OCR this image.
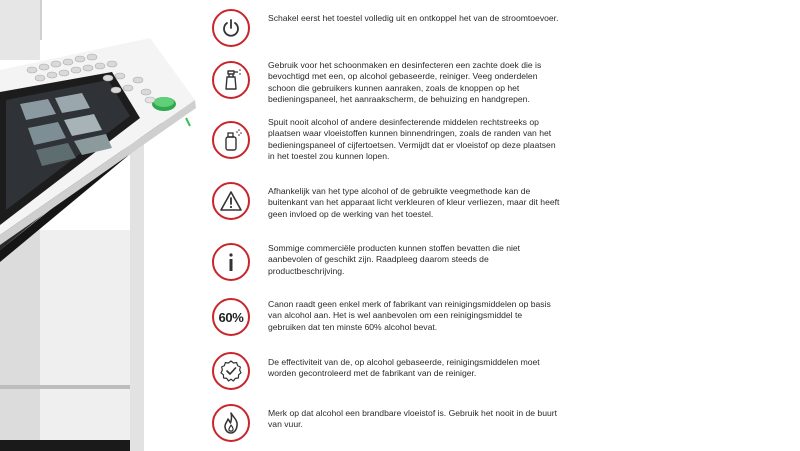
Schakel eerst het toestel volledig uit en ontkoppel het van de stroomtoevoer.
Gebruik voor het schoonmaken en desinfecteren een zachte doek die is bevochtigd met een, op alcohol gebaseerde, reiniger. Veeg onderdelen schoon die gebruikers kunnen aanraken, zoals de knoppen op het bedieningspaneel, het aanraakscherm, de behuizing en handgrepen.
Spuit nooit alcohol of andere desinfecterende middelen rechtstreeks op plaatsen waar vloeistoffen kunnen binnendringen, zoals de randen van het bedieningspaneel of cijfertoetsen. Vermijdt dat er vloeistof op deze plaatsen in het toestel zou kunnen lopen.
Afhankelijk van het type alcohol of de gebruikte veegmethode kan de buitenkant van het apparaat licht verkleuren of kleur verliezen, maar dit heeft geen invloed op de werking van het toestel.
Sommige commerciële producten kunnen stoffen bevatten die niet aanbevolen of geschikt zijn. Raadpleeg daarom steeds de productbeschrijving.
60%
Canon raadt geen enkel merk of fabrikant van reinigingsmiddelen op basis van alcohol aan. Het is wel aanbevolen om een reinigingsmiddel te gebruiken dat ten minste 60% alcohol bevat.
De effectiviteit van de, op alcohol gebaseerde, reinigingsmiddelen moet worden gecontroleerd met de fabrikant van de reiniger.
Merk op dat alcohol een brandbare vloeistof is. Gebruik het nooit in de buurt van vuur.
